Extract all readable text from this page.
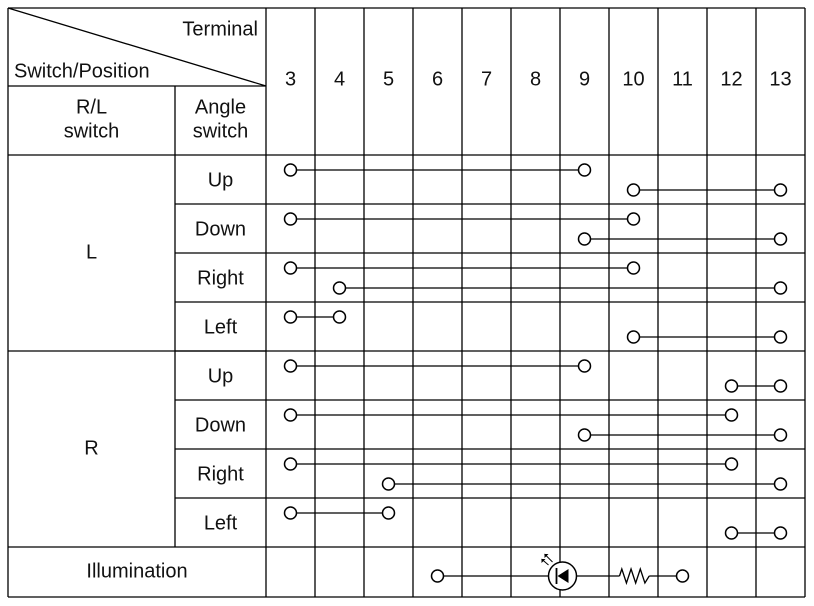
Terminal
Switch/Position
R/L switch
Angle switch
3 4 5 6 7 8 9 10 11 12 13
L
Up
Down
Right
Left
R
Up
Down
Right
Left
Illumination
